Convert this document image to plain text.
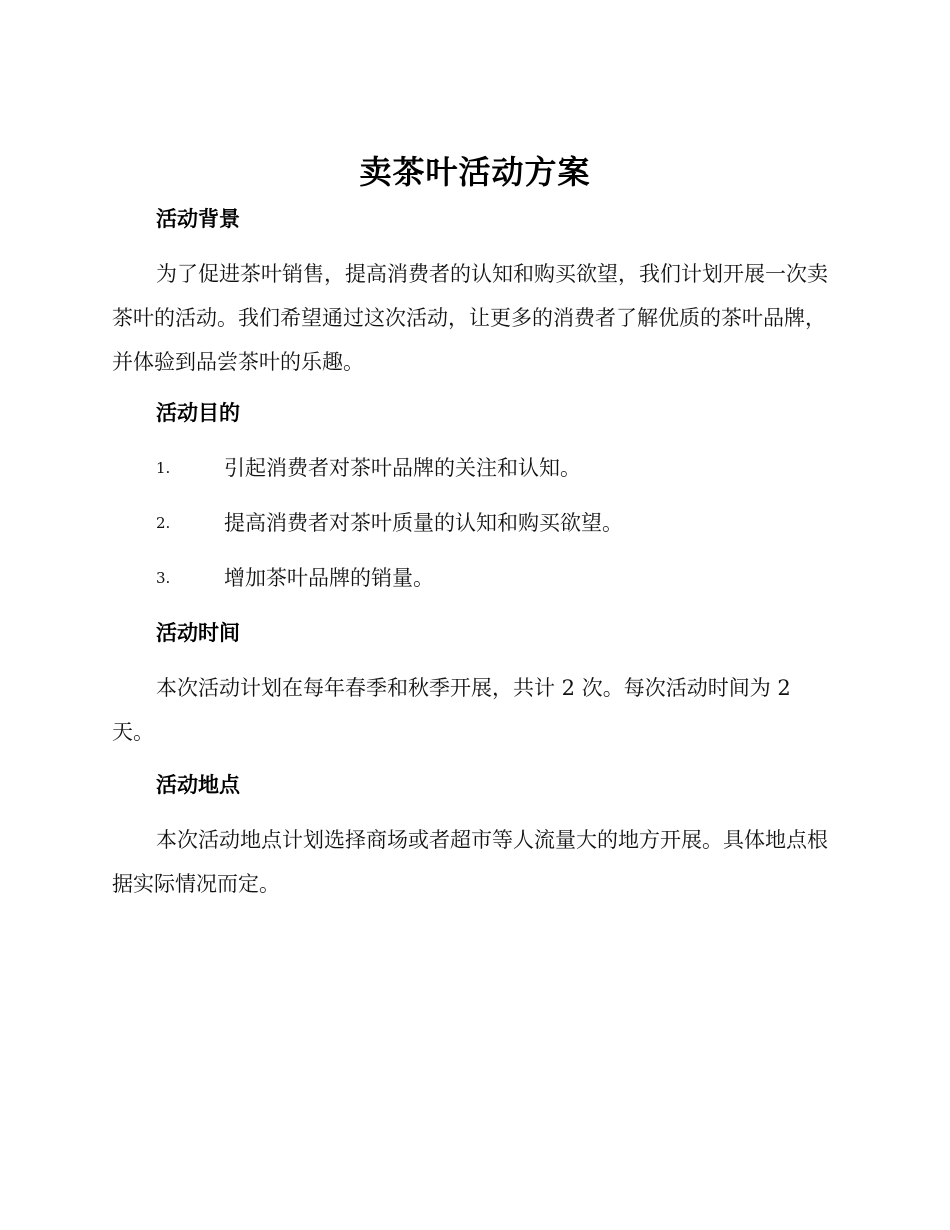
卖茶叶活动方案
活动背景

为了促进茶叶销售，提高消费者的认知和购买欲望，我们计划开展一次卖茶叶的活动。我们希望通过这次活动，让更多的消费者了解优质的茶叶品牌，并体验到品尝茶叶的乐趣。

活动目的
1.	引起消费者对茶叶品牌的关注和认知。
2.	提高消费者对茶叶质量的认知和购买欲望。
3.	增加茶叶品牌的销量。
活动时间

本次活动计划在每年春季和秋季开展，共计 2 次。每次活动时间为 2 天。

活动地点

本次活动地点计划选择商场或者超市等人流量大的地方开展。具体地点根据实际情况而定。
